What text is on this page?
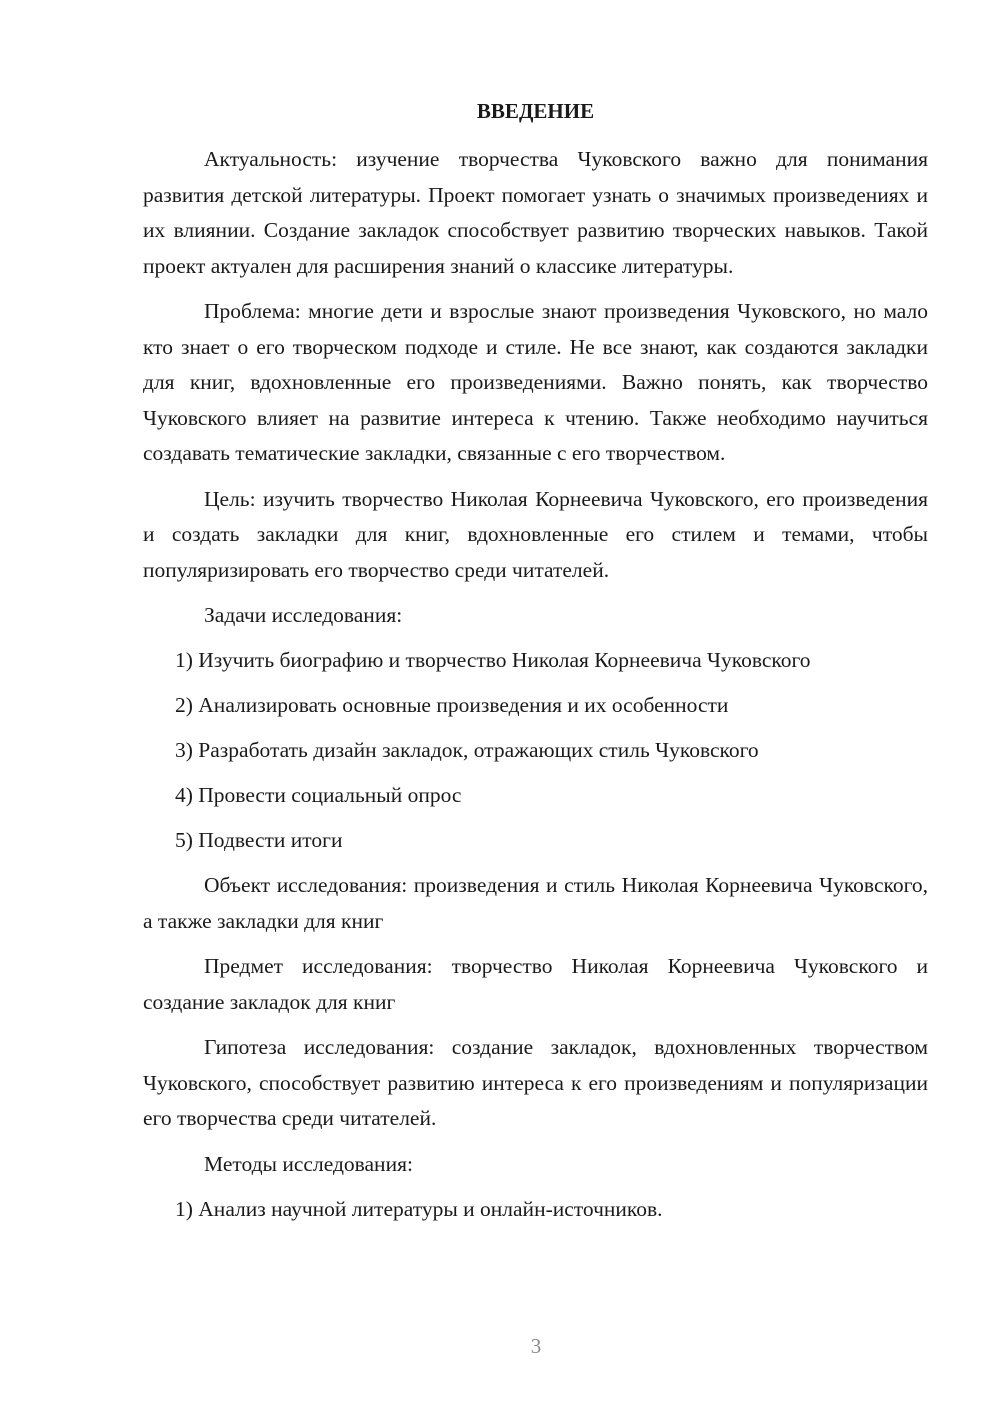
ВВЕДЕНИЕ

Актуальность: изучение творчества Чуковского важно для понимания развития детской литературы. Проект помогает узнать о значимых произведениях и их влиянии. Создание закладок способствует развитию творческих навыков. Такой проект актуален для расширения знаний о классике литературы.

Проблема: многие дети и взрослые знают произведения Чуковского, но мало кто знает о его творческом подходе и стиле. Не все знают, как создаются закладки для книг, вдохновленные его произведениями. Важно понять, как творчество Чуковского влияет на развитие интереса к чтению. Также необходимо научиться создавать тематические закладки, связанные с его творчеством.

Цель: изучить творчество Николая Корнеевича Чуковского, его произведения и создать закладки для книг, вдохновленные его стилем и темами, чтобы популяризировать его творчество среди читателей.

Задачи исследования:

1) Изучить биографию и творчество Николая Корнеевича Чуковского

2) Анализировать основные произведения и их особенности

3) Разработать дизайн закладок, отражающих стиль Чуковского

4) Провести социальный опрос

5) Подвести итоги

Объект исследования: произведения и стиль Николая Корнеевича Чуковского, а также закладки для книг

Предмет исследования: творчество Николая Корнеевича Чуковского и создание закладок для книг

Гипотеза исследования: создание закладок, вдохновленных творчеством Чуковского, способствует развитию интереса к его произведениям и популяризации его творчества среди читателей.

Методы исследования:

1) Анализ научной литературы и онлайн-источников.

3
